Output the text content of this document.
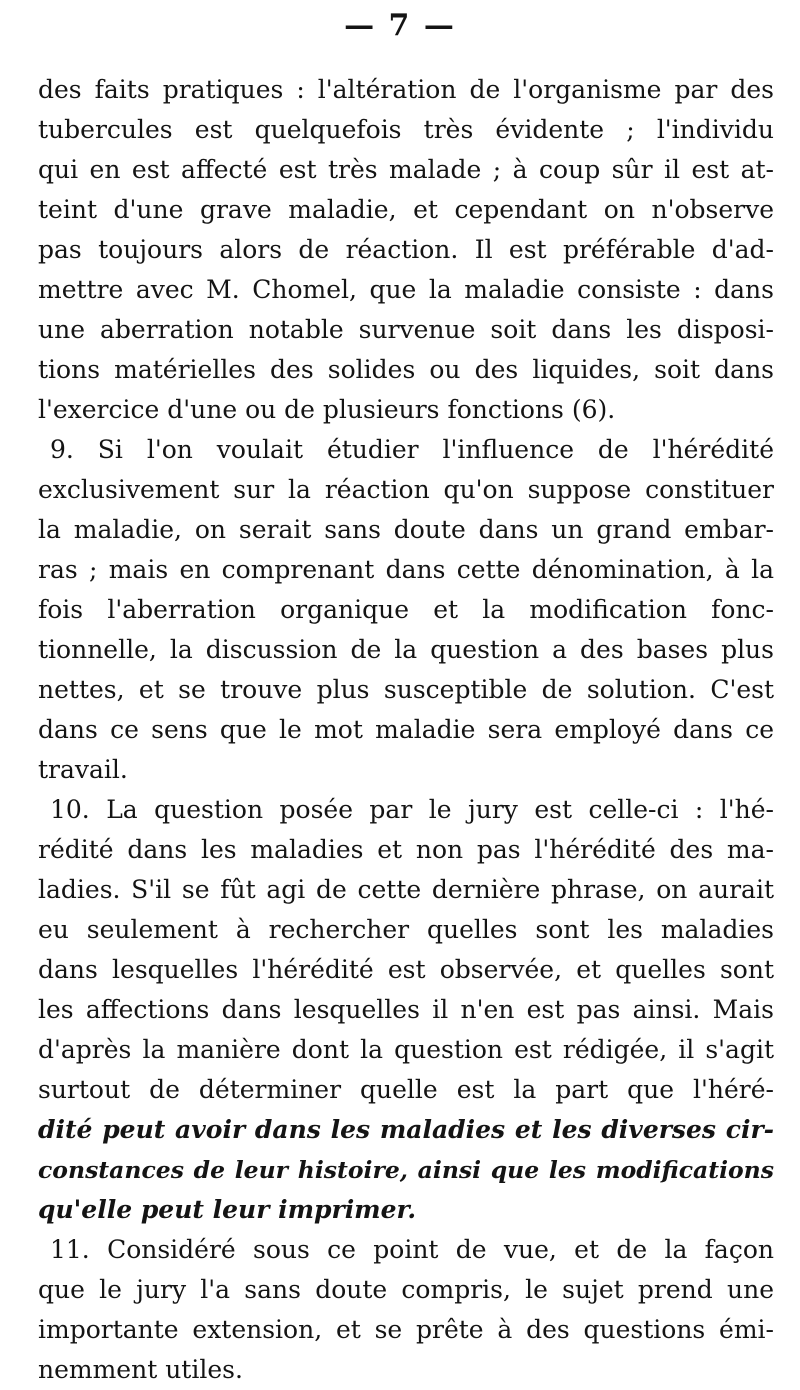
— 7 —
des faits pratiques : l'altération de l'organisme par des
tubercules est quelquefois très évidente ; l'individu
qui en est affecté est très malade ; à coup sûr il est at-
teint d'une grave maladie, et cependant on n'observe
pas toujours alors de réaction. Il est préférable d'ad-
mettre avec M. Chomel, que la maladie consiste : dans
une aberration notable survenue soit dans les disposi-
tions matérielles des solides ou des liquides, soit dans
l'exercice d'une ou de plusieurs fonctions (6).
9. Si l'on voulait étudier l'influence de l'hérédité
exclusivement sur la réaction qu'on suppose constituer
la maladie, on serait sans doute dans un grand embar-
ras ; mais en comprenant dans cette dénomination, à la
fois l'aberration organique et la modification fonc-
tionnelle, la discussion de la question a des bases plus
nettes, et se trouve plus susceptible de solution. C'est
dans ce sens que le mot maladie sera employé dans ce
travail.
10. La question posée par le jury est celle-ci : l'hé-
rédité dans les maladies et non pas l'hérédité des ma-
ladies. S'il se fût agi de cette dernière phrase, on aurait
eu seulement à rechercher quelles sont les maladies
dans lesquelles l'hérédité est observée, et quelles sont
les affections dans lesquelles il n'en est pas ainsi. Mais
d'après la manière dont la question est rédigée, il s'agit
surtout de déterminer quelle est la part que l'héré-
dité peut avoir dans les maladies et les diverses cir-
constances de leur histoire, ainsi que les modifications
qu'elle peut leur imprimer.
11. Considéré sous ce point de vue, et de la façon
que le jury l'a sans doute compris, le sujet prend une
importante extension, et se prête à des questions émi-
nemment utiles.
